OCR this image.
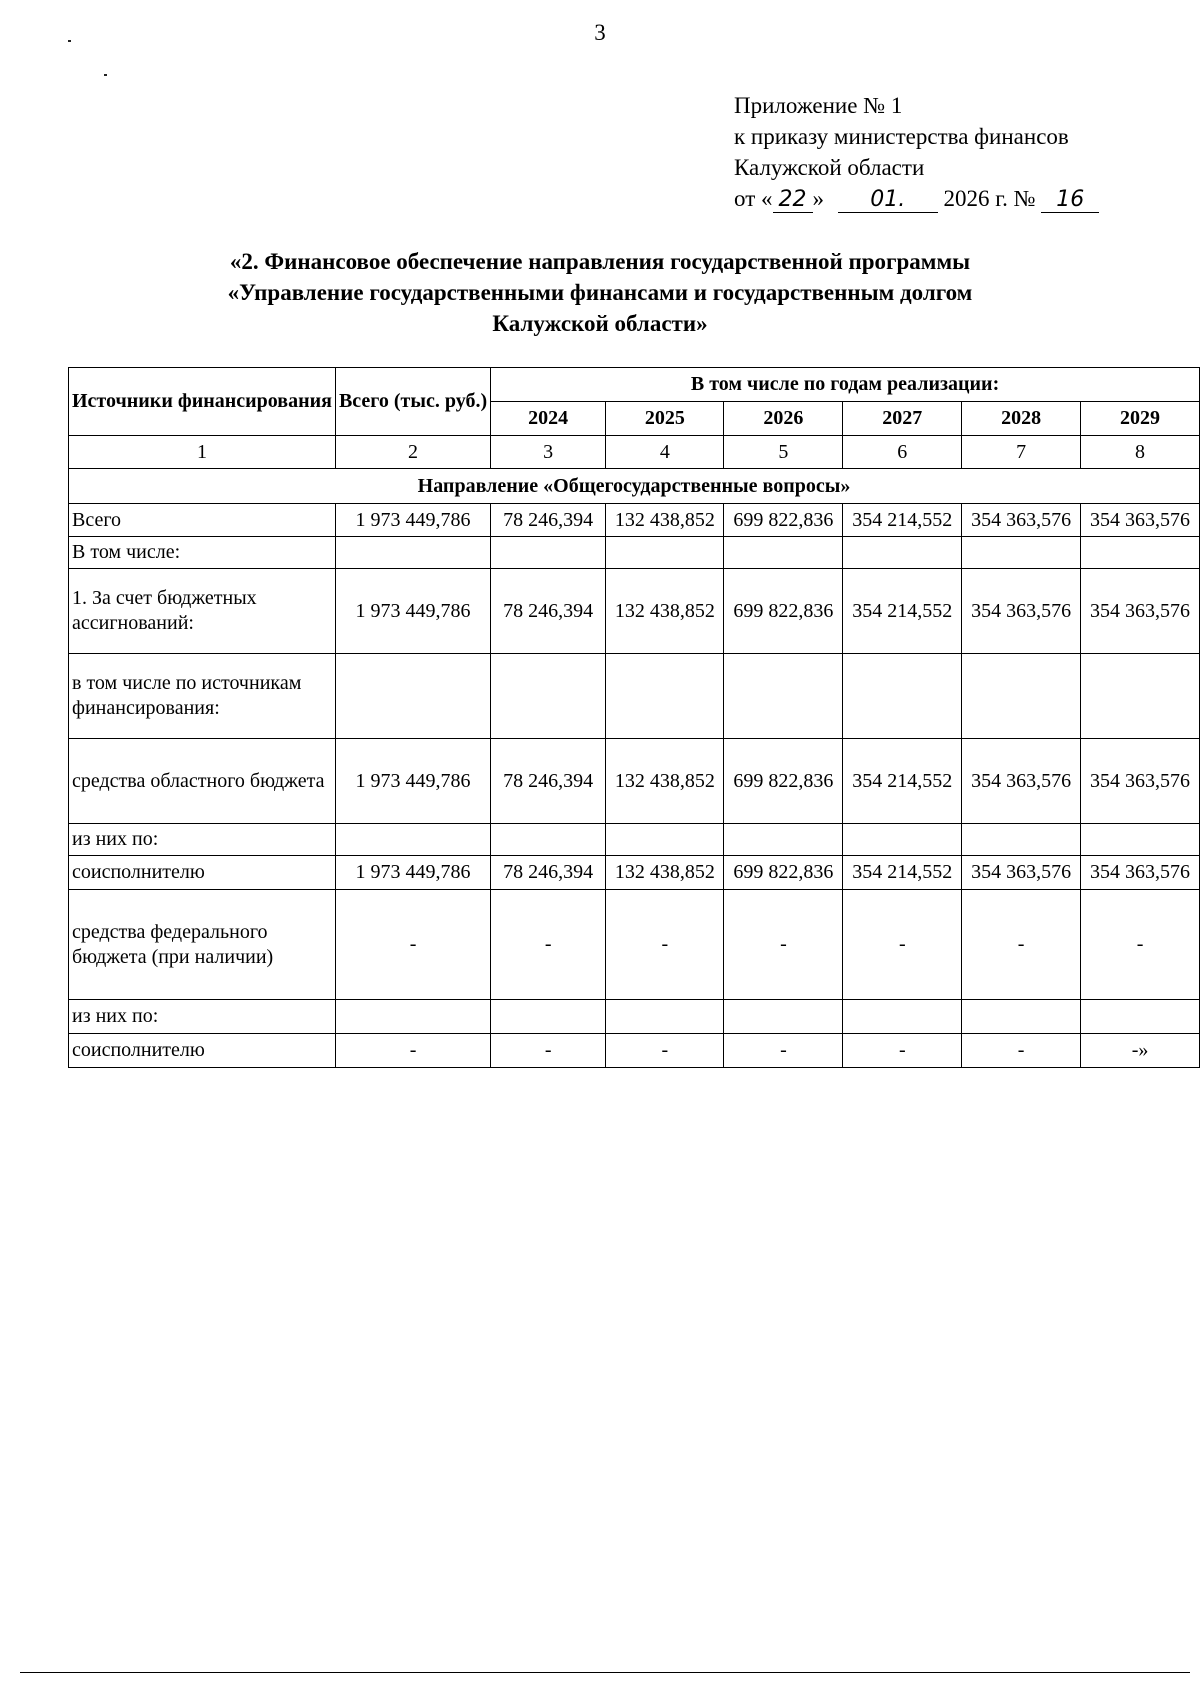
3
Приложение № 1
к приказу министерства финансов
Калужской области
от « 22 » 01. 2026 г. № 16
«2. Финансовое обеспечение направления государственной программы
«Управление государственными финансами и государственным долгом
Калужской области»
Источники финансирования	Всего (тыс. руб.)	В том числе по годам реализации:					
		2024	2025	2026	2027	2028	2029
1	2	3	4	5	6	7	8
Направление «Общегосударственные вопросы»							
Всего	1 973 449,786	78 246,394	132 438,852	699 822,836	354 214,552	354 363,576	354 363,576
В том числе:							
1. За счет бюджетных ассигнований:	1 973 449,786	78 246,394	132 438,852	699 822,836	354 214,552	354 363,576	354 363,576
в том числе по источникам финансирования:							
средства областного бюджета	1 973 449,786	78 246,394	132 438,852	699 822,836	354 214,552	354 363,576	354 363,576
из них по:							
соисполнителю	1 973 449,786	78 246,394	132 438,852	699 822,836	354 214,552	354 363,576	354 363,576
средства федерального бюджета (при наличии)	-	-	-	-	-	-	-
из них по:							
соисполнителю	-	-	-	-	-	-	-»
